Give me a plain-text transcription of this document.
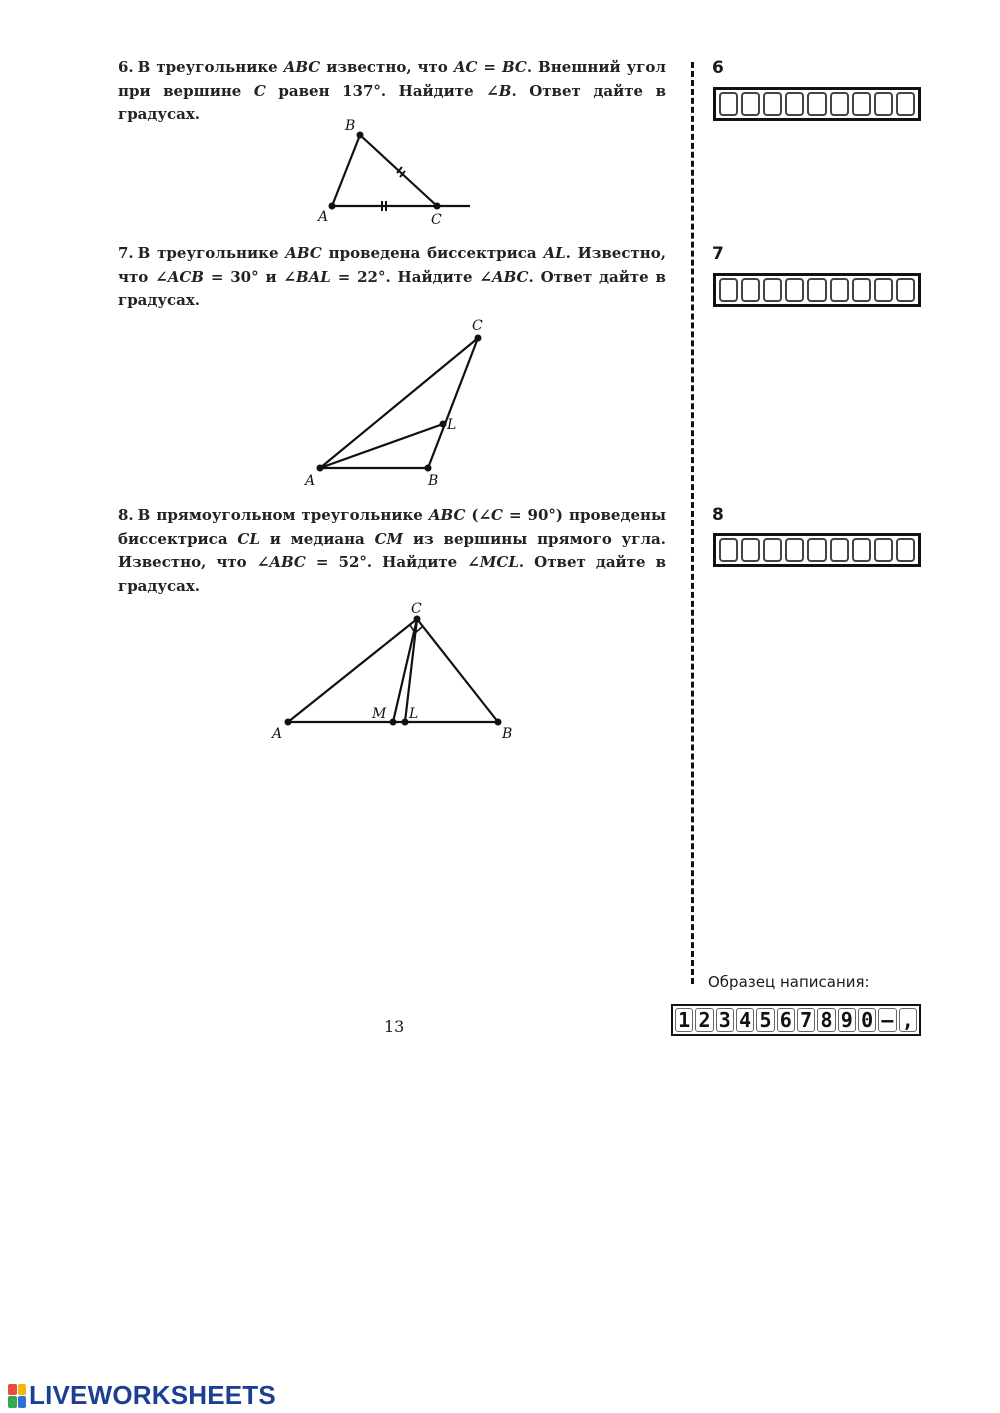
6. В треугольнике ABC известно, что AC = BC. Внешний угол при вершине C равен 137°. Найдите ∠B. Ответ дайте в градусах.
A
B
C
7. В треугольнике ABC проведена биссектриса AL. Известно, что ∠ACB = 30° и ∠BAL = 22°. Найдите ∠ABC. Ответ дайте в градусах.
A	B
C
L
8. В прямоугольном треугольнике ABC (∠C = 90°) проведены биссектриса CL и медиана CM из вершины прямого угла. Известно, что ∠ABC = 52°. Найдите ∠MCL. Ответ дайте в градусах.
A	B
C
M L
6
7
8
Образец написания:
1 2 3 4 5 6 7 8 9 0 – ,
13
LIVEWORKSHEETS
